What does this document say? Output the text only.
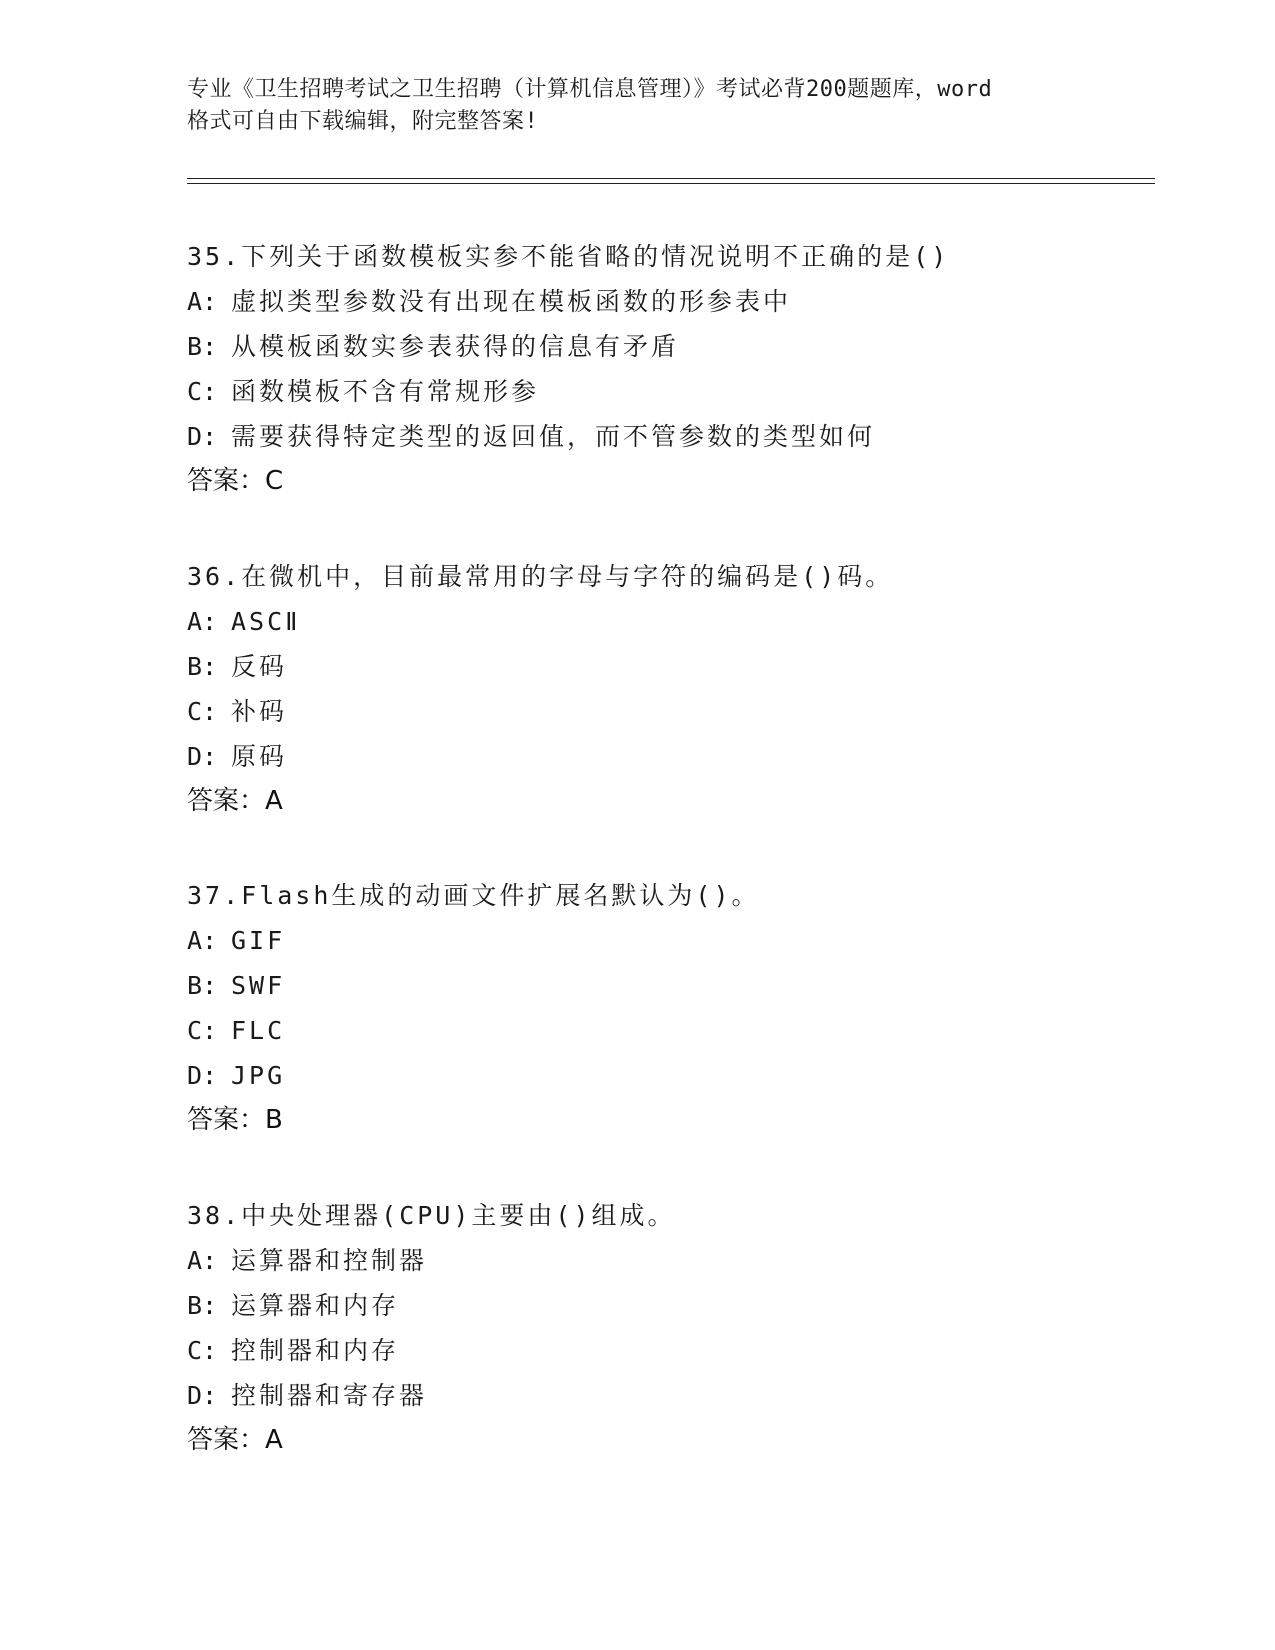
专业《卫生招聘考试之卫生招聘（计算机信息管理）》考试必背200题题库，word
格式可自由下载编辑，附完整答案!
35.下列关于函数模板实参不能省略的情况说明不正确的是()
A: 虚拟类型参数没有出现在模板函数的形参表中
B: 从模板函数实参表获得的信息有矛盾
C: 函数模板不含有常规形参
D: 需要获得特定类型的返回值，而不管参数的类型如何
答案：C
36.在微机中，目前最常用的字母与字符的编码是()码。
A: ASCⅡ
B: 反码
C: 补码
D: 原码
答案：A
37.Flash生成的动画文件扩展名默认为()。
A: GIF
B: SWF
C: FLC
D: JPG
答案：B
38.中央处理器(CPU)主要由()组成。
A: 运算器和控制器
B: 运算器和内存
C: 控制器和内存
D: 控制器和寄存器
答案：A
